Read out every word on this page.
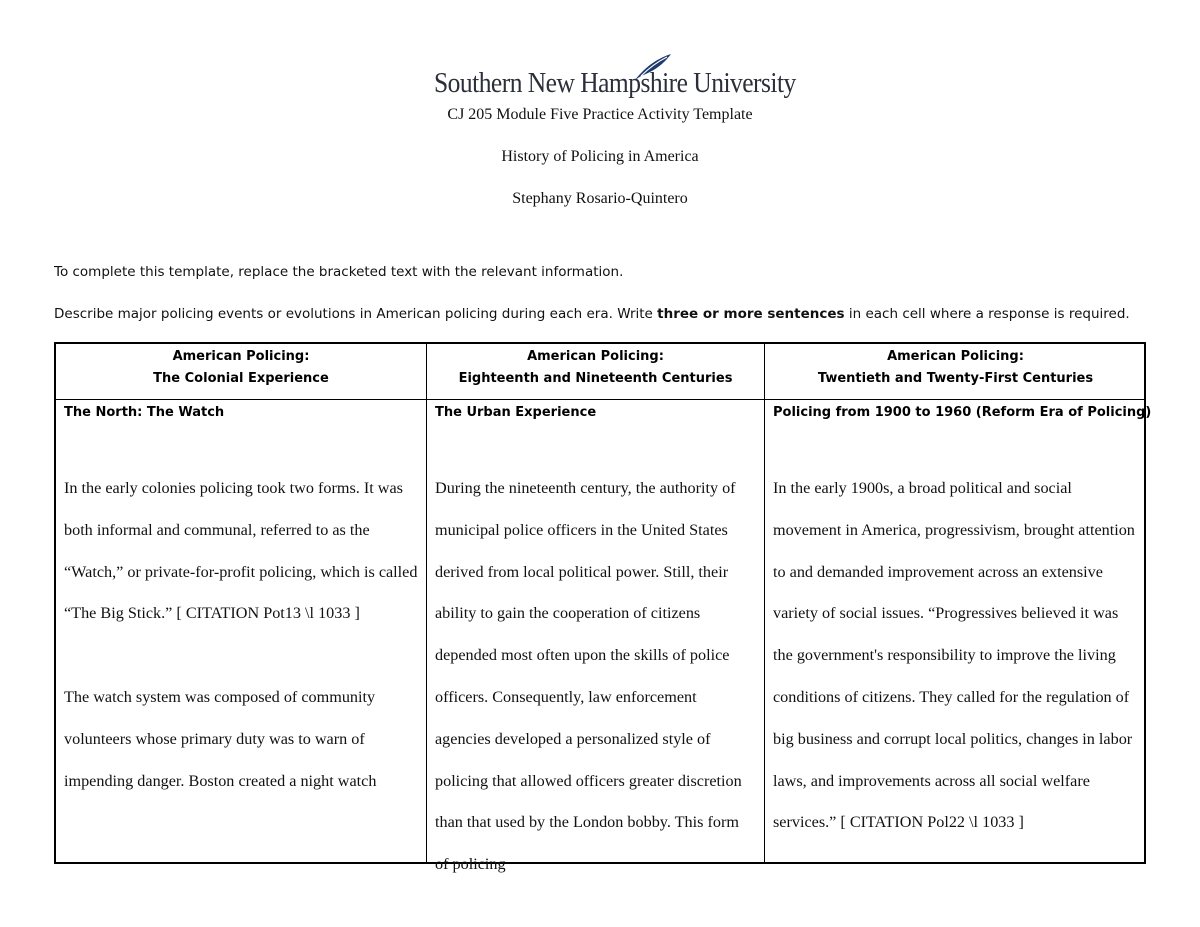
Southern New Hampshire University
CJ 205 Module Five Practice Activity Template
History of Policing in America
Stephany Rosario-Quintero
To complete this template, replace the bracketed text with the relevant information.
Describe major policing events or evolutions in American policing during each era. Write three or more sentences in each cell where a response is required.
American Policing:
The Colonial Experience
American Policing:
Eighteenth and Nineteenth Centuries
American Policing:
Twentieth and Twenty-First Centuries
The North: The Watch

In the early colonies policing took two forms. It was both informal and communal, referred to as the “Watch,” or private-for-profit policing, which is called “The Big Stick.” [ CITATION Pot13 \l 1033 ]

The watch system was composed of community volunteers whose primary duty was to warn of impending danger. Boston created a night watch

The Urban Experience

During the nineteenth century, the authority of municipal police officers in the United States derived from local political power. Still, their ability to gain the cooperation of citizens depended most often upon the skills of police officers. Consequently, law enforcement agencies developed a personalized style of policing that allowed officers greater discretion than that used by the London bobby. This form of policing

Policing from 1900 to 1960 (Reform Era of Policing)

In the early 1900s, a broad political and social movement in America, progressivism, brought attention to and demanded improvement across an extensive variety of social issues. “Progressives believed it was the government's responsibility to improve the living conditions of citizens. They called for the regulation of big business and corrupt local politics, changes in labor laws, and improvements across all social welfare services.” [ CITATION Pol22 \l 1033 ]
